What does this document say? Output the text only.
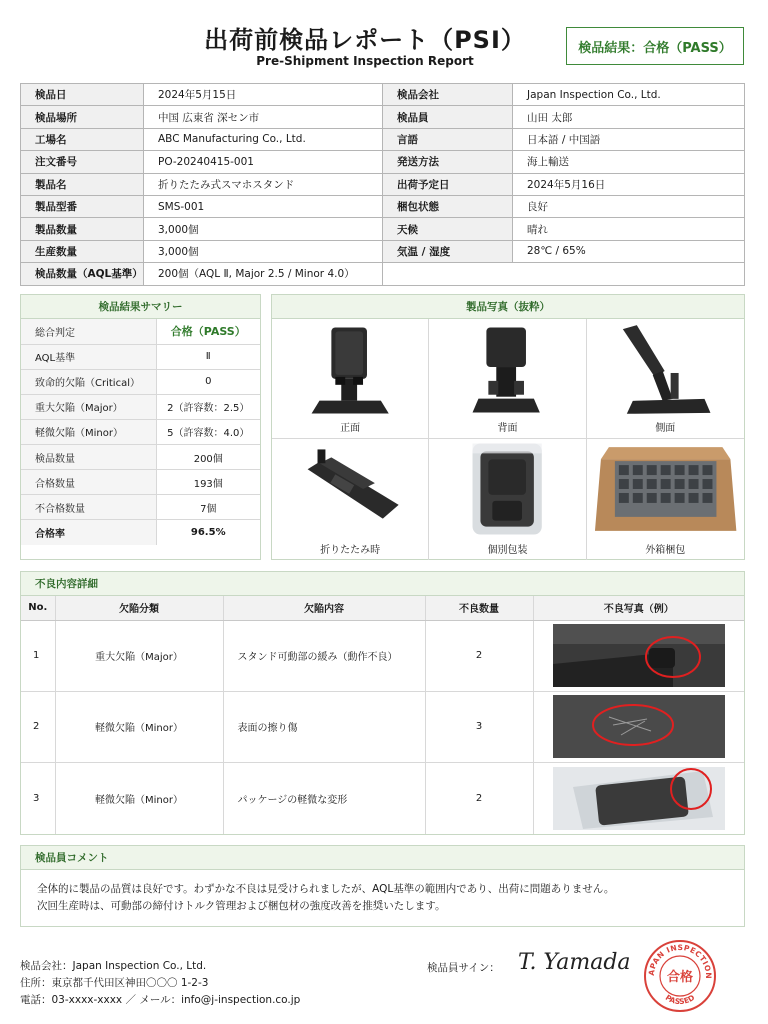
出荷前検品レポート（PSI）
Pre-Shipment Inspection Report
検品結果：合格（PASS）
検品日	2024年5月15日	検品会社	Japan Inspection Co., Ltd.
検品場所	中国 広東省 深セン市	検品員	山田 太郎
工場名	ABC Manufacturing Co., Ltd.	言語	日本語 / 中国語
注文番号	PO-20240415-001	発送方法	海上輸送
製品名	折りたたみ式スマホスタンド	出荷予定日	2024年5月16日
製品型番	SMS-001	梱包状態	良好
製品数量	3,000個	天候	晴れ
生産数量	3,000個	気温 / 湿度	28℃ / 65%
検品数量（AQL基準）	200個（AQL Ⅱ, Major 2.5 / Minor 4.0）		
検品結果サマリー
総合判定	合格（PASS）
AQL基準	Ⅱ
致命的欠陥（Critical）	0
重大欠陥（Major）	2（許容数：2.5）
軽微欠陥（Minor）	5（許容数：4.0）
検品数量	200個
合格数量	193個
不合格数量	7個
合格率	96.5%
製品写真（抜粋）
正面	背面	側面
折りたたみ時	個別包装	外箱梱包
不良内容詳細
No.	欠陥分類	欠陥内容	不良数量	不良写真（例）
1	重大欠陥（Major）	スタンド可動部の緩み（動作不良）	2	

2	軽微欠陥（Minor）	表面の擦り傷	3	

3	軽微欠陥（Minor）	パッケージの軽微な変形	2	
検品員コメント
全体的に製品の品質は良好です。わずかな不良は見受けられましたが、AQL基準の範囲内であり、出荷に問題ありません。
次回生産時は、可動部の締付けトルク管理および梱包材の強度改善を推奨いたします。
検品会社：Japan Inspection Co., Ltd.
住所：東京都千代田区神田〇〇〇 1-2-3
電話：03-xxxx-xxxx ／ メール：info@j-inspection.co.jp
検品員サイン： T. Yamada	APAN INSPECTION
合格
PASSED
